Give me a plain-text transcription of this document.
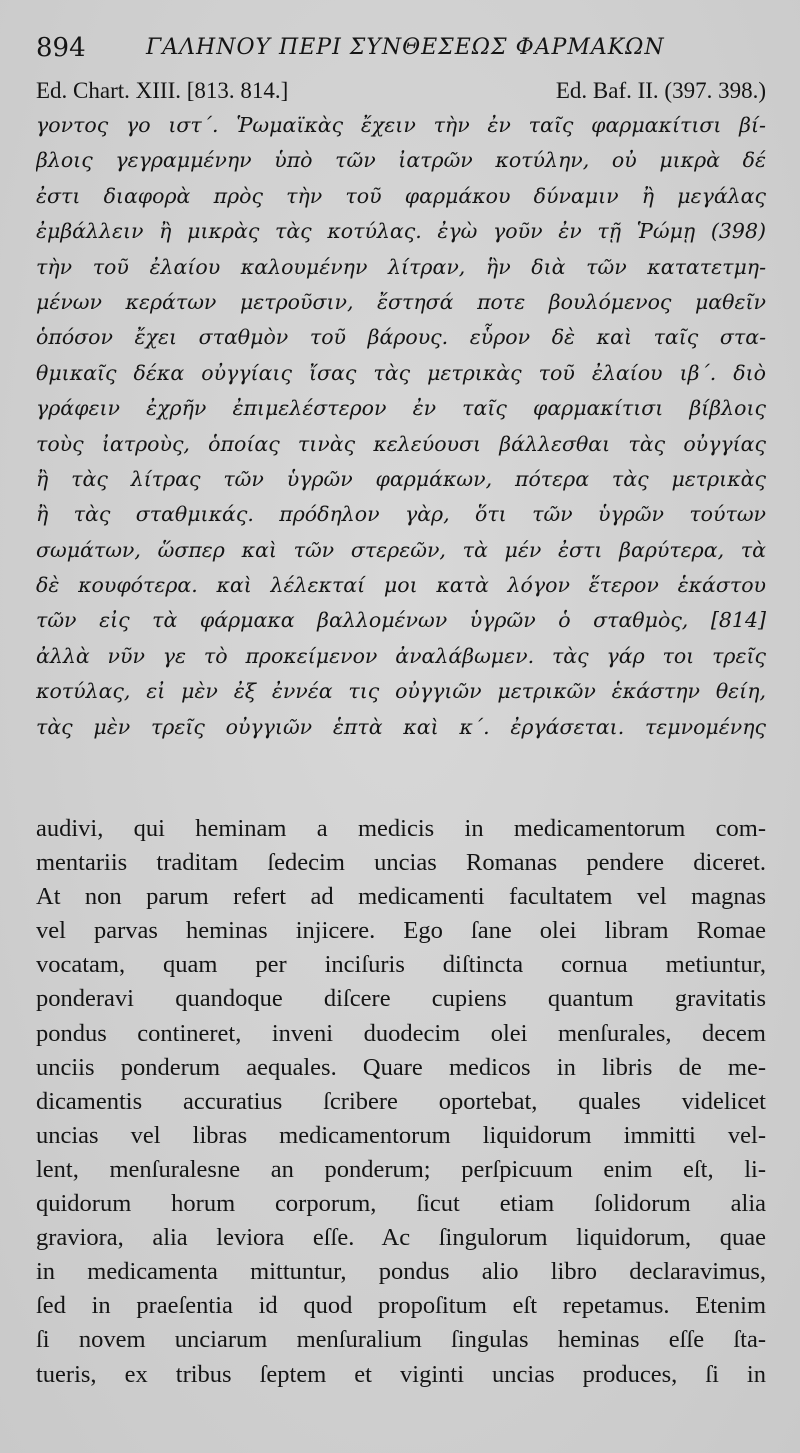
894	ΓΑΛΗΝΟΥ ΠΕΡΙ ΣΥΝΘΕΣΕΩΣ ΦΑΡΜΑΚΩΝ
Ed. Chart. XIII. [813. 814.]	Ed. Baf. II. (397. 398.)
γοντος γο ιστ΄. Ῥωμαϊκὰς ἔχειν τὴν ἐν ταῖς φαρμακίτισι βί-
βλοις γεγραμμένην ὑπὸ τῶν ἰατρῶν κοτύλην, οὐ μικρὰ δέ
ἐστι διαφορὰ πρὸς τὴν τοῦ φαρμάκου δύναμιν ἢ μεγάλας
ἐμβάλλειν ἢ μικρὰς τὰς κοτύλας. ἐγὼ γοῦν ἐν τῇ Ῥώμῃ (398)
τὴν τοῦ ἐλαίου καλουμένην λίτραν, ἣν διὰ τῶν κατατετμη-
μένων κεράτων μετροῦσιν, ἔστησά ποτε βουλόμενος μαθεῖν
ὁπόσον ἔχει σταθμὸν τοῦ βάρους. εὗρον δὲ καὶ ταῖς στα-
θμικαῖς δέκα οὐγγίαις ἴσας τὰς μετρικὰς τοῦ ἐλαίου ιβ΄. διὸ
γράφειν ἐχρῆν ἐπιμελέστερον ἐν ταῖς φαρμακίτισι βίβλοις
τοὺς ἰατροὺς, ὁποίας τινὰς κελεύουσι βάλλεσθαι τὰς οὐγγίας
ἢ τὰς λίτρας τῶν ὑγρῶν φαρμάκων, πότερα τὰς μετρικὰς
ἢ τὰς σταθμικάς. πρόδηλον γὰρ, ὅτι τῶν ὑγρῶν τούτων
σωμάτων, ὥσπερ καὶ τῶν στερεῶν, τὰ μέν ἐστι βαρύτερα, τὰ
δὲ κουφότερα. καὶ λέλεκταί μοι κατὰ λόγον ἕτερον ἑκάστου
τῶν εἰς τὰ φάρμακα βαλλομένων ὑγρῶν ὁ σταθμὸς, [814]
ἀλλὰ νῦν γε τὸ προκείμενον ἀναλάβωμεν. τὰς γάρ τοι τρεῖς
κοτύλας, εἰ μὲν ἐξ ἐννέα τις οὐγγιῶν μετρικῶν ἑκάστην θείη,
τὰς μὲν τρεῖς οὐγγιῶν ἑπτὰ καὶ κ΄. ἐργάσεται. τεμνομένης
audivi, qui heminam a medicis in medicamentorum com-
mentariis traditam ſedecim uncias Romanas pendere diceret.
At non parum refert ad medicamenti facultatem vel magnas
vel parvas heminas injicere. Ego ſane olei libram Romae
vocatam, quam per inciſuris diſtincta cornua metiuntur,
ponderavi quandoque diſcere cupiens quantum gravitatis
pondus contineret, inveni duodecim olei menſurales, decem
unciis ponderum aequales. Quare medicos in libris de me-
dicamentis accuratius ſcribere oportebat, quales videlicet
uncias vel libras medicamentorum liquidorum immitti vel-
lent, menſuralesne an ponderum; perſpicuum enim eſt, li-
quidorum horum corporum, ſicut etiam ſolidorum alia
graviora, alia leviora eſſe. Ac ſingulorum liquidorum, quae
in medicamenta mittuntur, pondus alio libro declaravimus,
ſed in praeſentia id quod propoſitum eſt repetamus. Etenim
ſi novem unciarum menſuralium ſingulas heminas eſſe ſta-
tueris, ex tribus ſeptem et viginti uncias produces, ſi in
